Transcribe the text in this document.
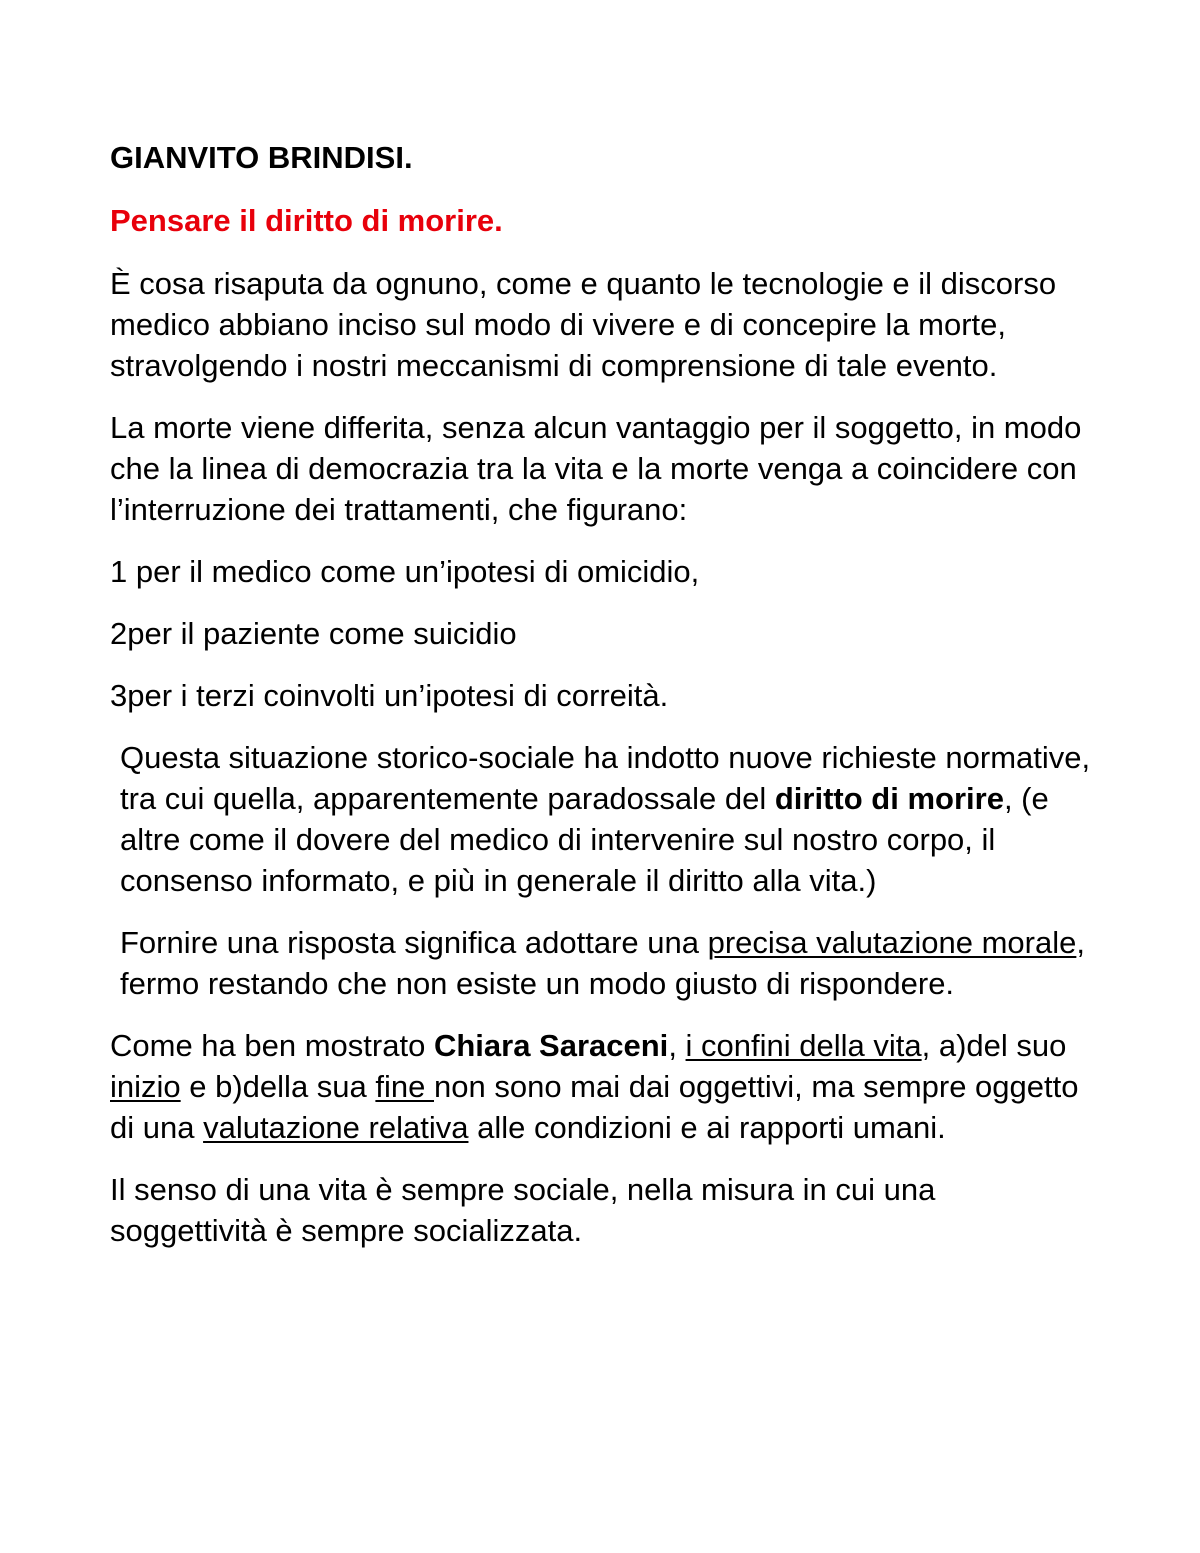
GIANVITO BRINDISI.

Pensare il diritto di morire.

È cosa risaputa da ognuno, come e quanto le tecnologie e il discorso medico abbiano inciso sul modo di vivere e di concepire la morte, stravolgendo i nostri meccanismi di comprensione di tale evento.

La morte viene differita, senza alcun vantaggio per il soggetto, in modo che la linea di democrazia tra la vita e la morte venga a coincidere con l’interruzione dei trattamenti, che figurano:

1 per il medico come un’ipotesi di omicidio,

2per il paziente come suicidio

3per i terzi coinvolti un’ipotesi di correità.

Questa situazione storico-sociale ha indotto nuove richieste normative, tra cui quella, apparentemente paradossale del diritto di morire, (e altre come il dovere del medico di intervenire sul nostro corpo, il consenso informato, e più in generale il diritto alla vita.)

Fornire una risposta significa adottare una precisa valutazione morale, fermo restando che non esiste un modo giusto di rispondere.

Come ha ben mostrato Chiara Saraceni, i confini della vita, a)del suo inizio e b)della sua fine non sono mai dai oggettivi, ma sempre oggetto di una valutazione relativa alle condizioni e ai rapporti umani.

Il senso di una vita è sempre sociale, nella misura in cui una soggettività è sempre socializzata.
